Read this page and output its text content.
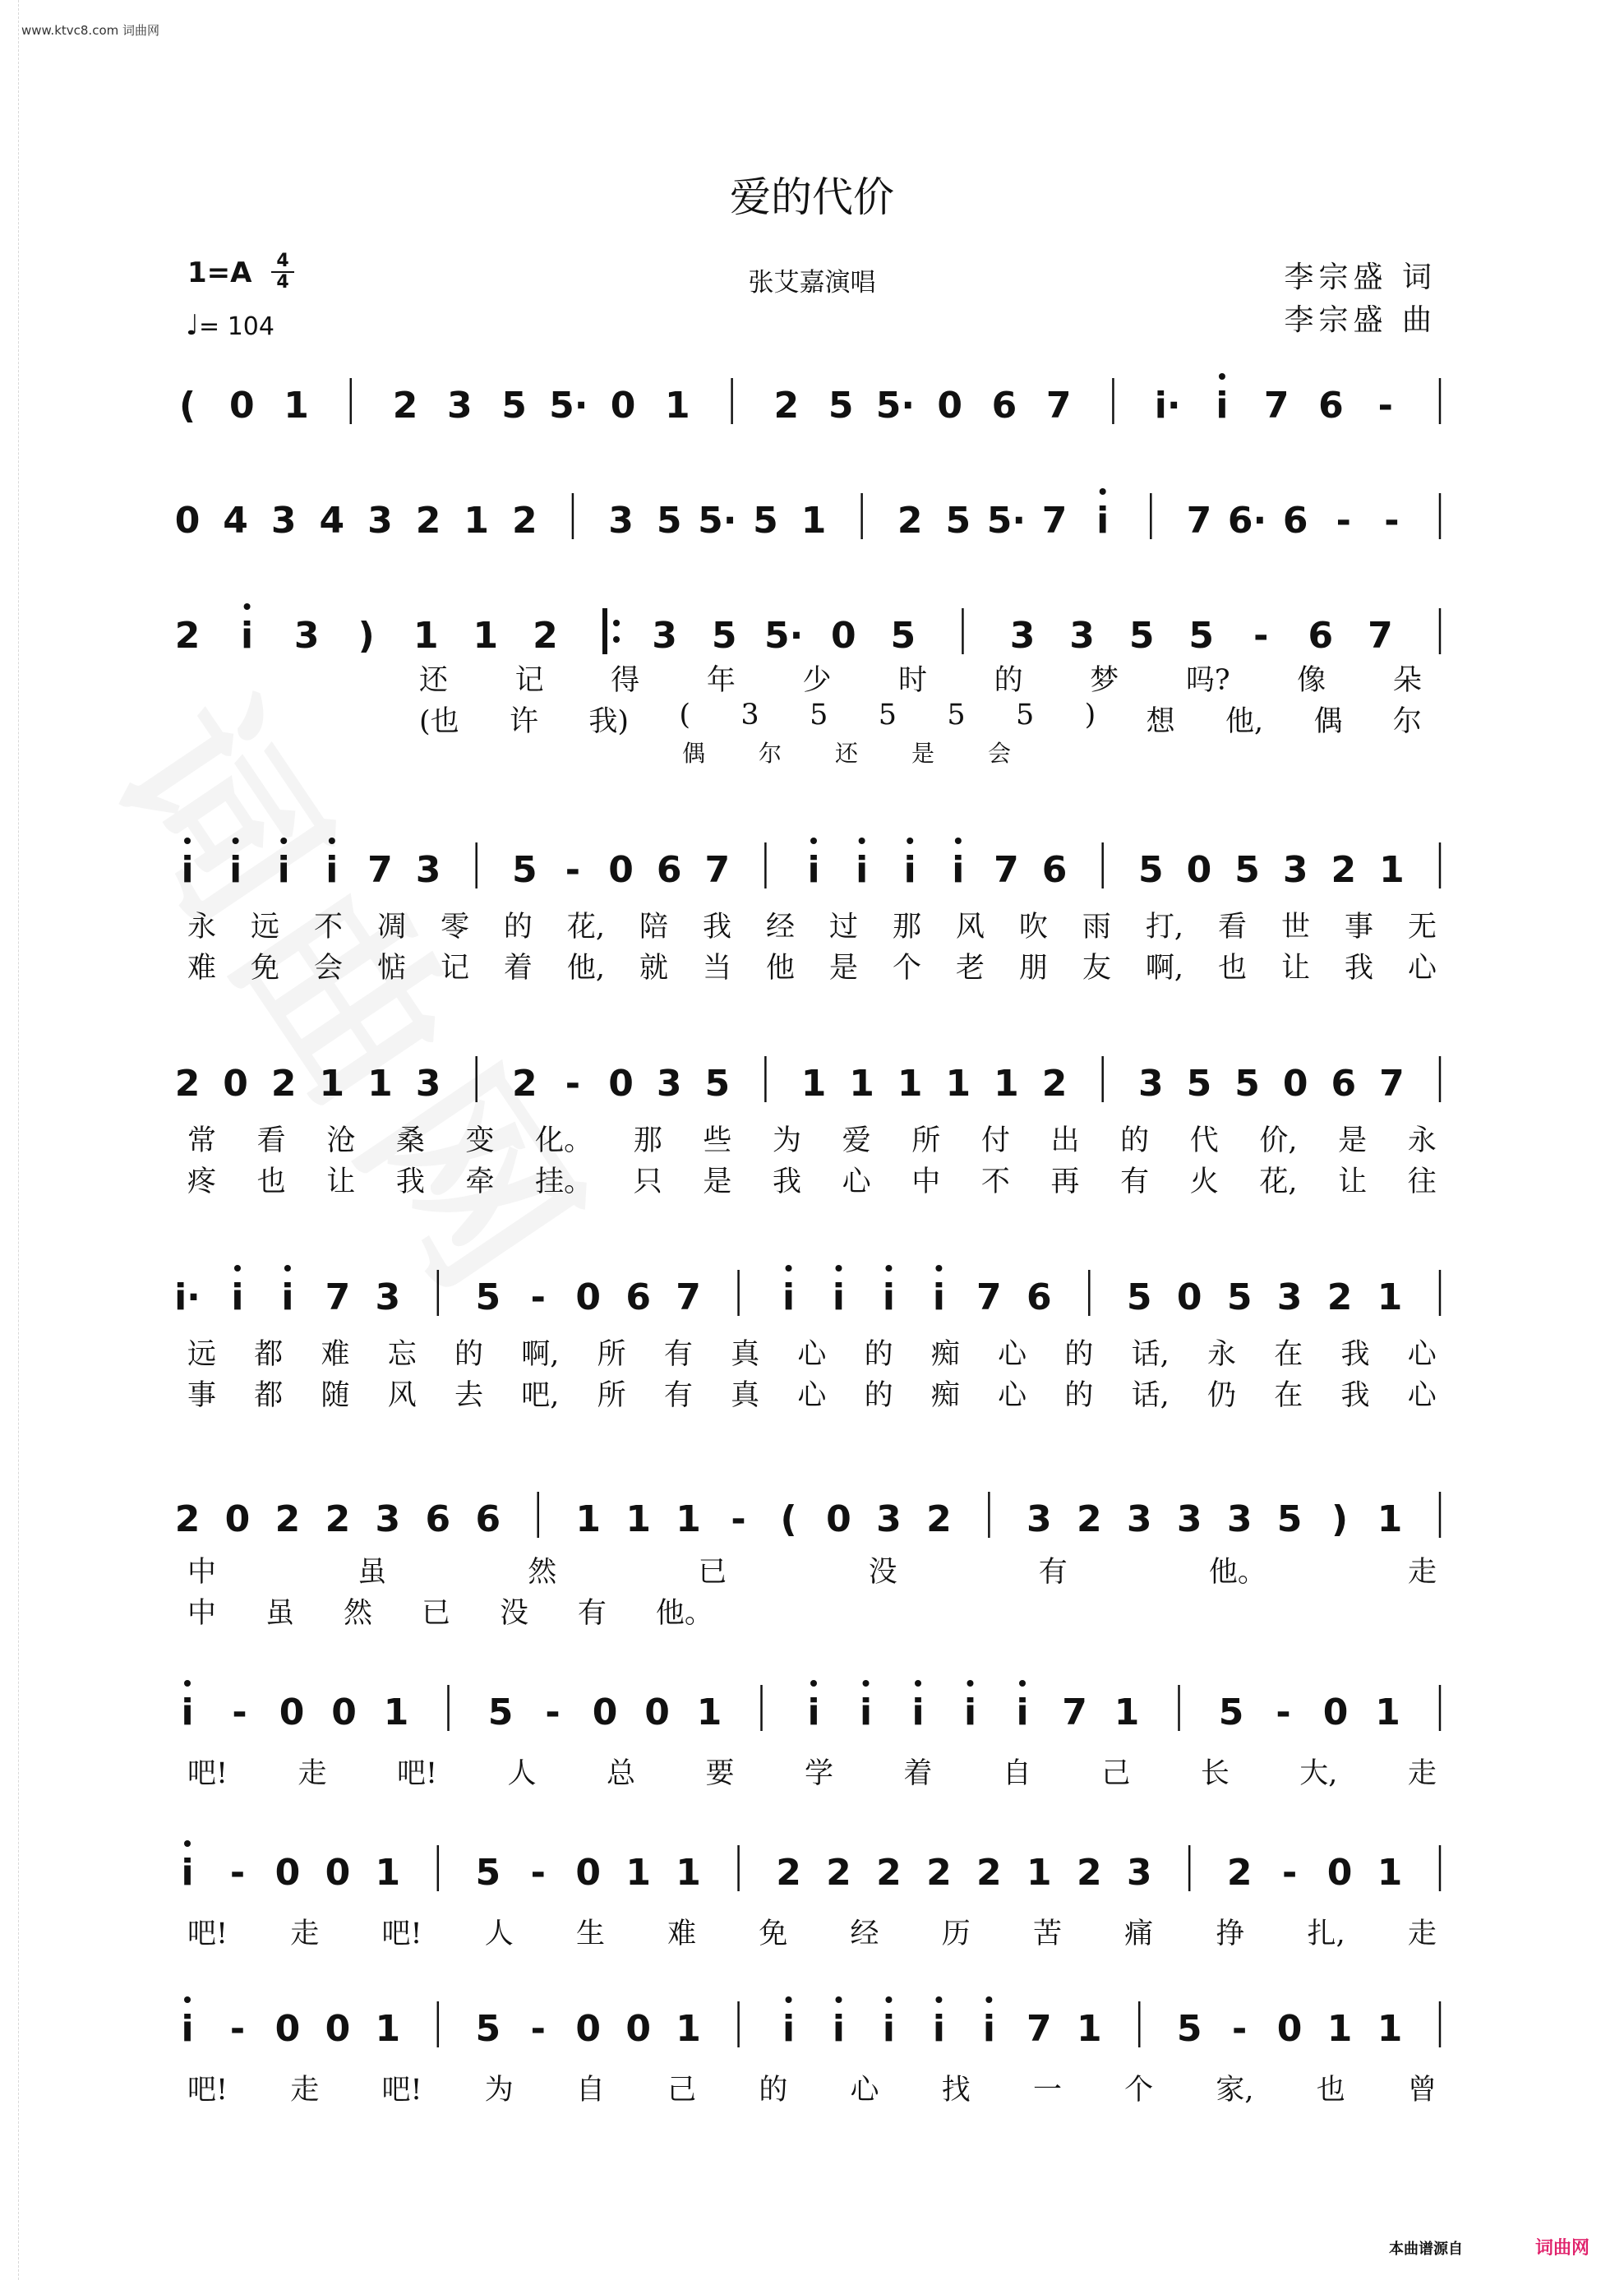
www.ktvc8.com 词曲网
爱的代价
1=A 4
4
♩= 104
张艾嘉演唱	李宗盛 词
李宗盛 曲
( 0 1 2 3 5 5· 0 1 2 5 5· 0 6 7 i· i 7 6 -
0 4 3 4 3 2 1 2 3 5 5· 5 1 2 5 5· 7 i 7 6· 6 - -
2 i 3 ) 1 1 2	3 5 5· 0 5	3 3 5 5 - 6 7
还 记 得 年 少 时 的 梦 吗? 像 朵
(也 许 我) ( 3 5 5 5 5 ) 想 他, 偶 尔
偶 尔 还 是 会
i i i i 7 3 5 - 0 6 7 i i i i 7 6 5 0 5 3 2 1
永 远 不 凋 零 的 花, 陪 我 经 过 那 风 吹 雨 打, 看 世 事 无
难 免 会 惦 记 着 他, 就 当 他 是 个 老 朋 友 啊, 也 让 我 心
2 0 2 1 1 3 2 - 0 3 5 1 1 1 1 1 2 3 5 5 0 6 7
常 看 沧 桑 变 化。 那 些 为 爱 所 付 出 的 代 价, 是 永
疼 也 让 我 牵 挂。 只 是 我 心 中 不 再 有 火 花, 让 往
i· i i 7 3 5 - 0 6 7 i i i i 7 6 5 0 5 3 2 1
远 都 难 忘 的 啊, 所 有 真 心 的 痴 心 的 话, 永 在 我 心
事 都 随 风 去 吧, 所 有 真 心 的 痴 心 的 话, 仍 在 我 心
2 0 2 2 3 6 6 1 1 1 - ( 0 3 2 3 2 3 3 3 5 ) 1
中	虽	然	已	没	有	他。	走
中 虽 然 已 没 有 他。
i - 0 0 1 5 - 0 0 1 i i i i i 7 1 5 - 0 1
吧! 走 吧! 人 总 要 学 着 自 己 长 大, 走
i - 0 0 1 5 - 0 1 1 2 2 2 2 2 1 2 3 2 - 0 1
吧! 走 吧! 人 生 难 免 经 历 苦 痛 挣 扎, 走
i - 0 0 1 5 - 0 0 1 i i i i i 7 1 5 - 0 1 1
吧! 走 吧! 为 自 己 的 心 找 一 个 家, 也 曾
本曲谱源自	词曲网
